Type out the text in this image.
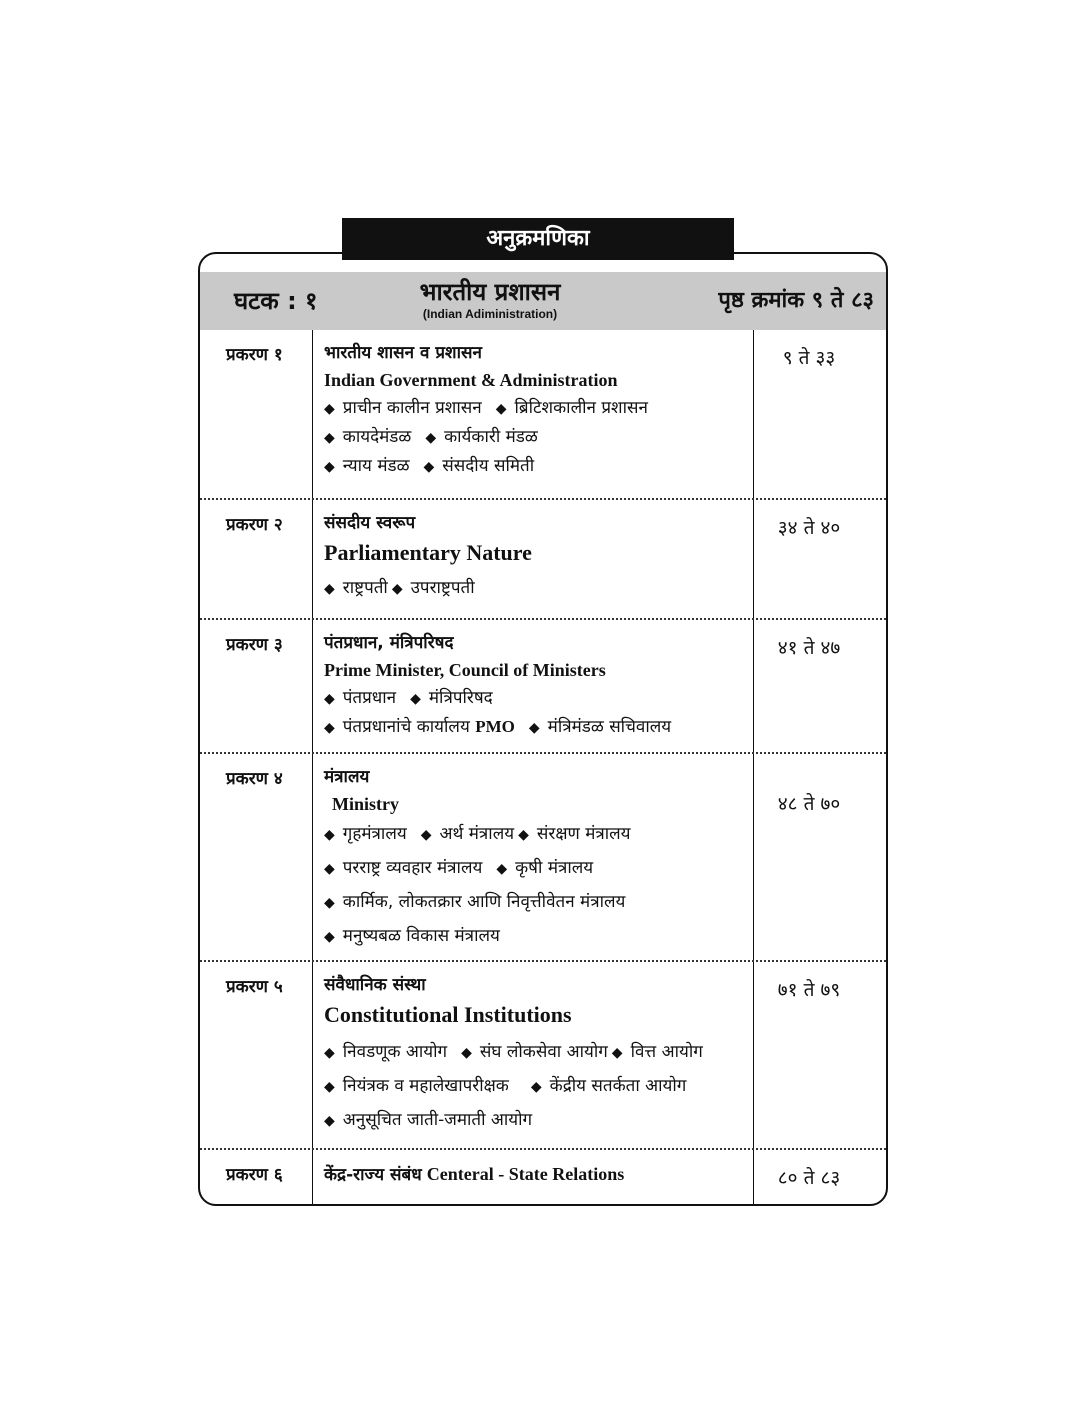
अनुक्रमणिका
घटक : १	भारतीय प्रशासन
(Indian Adiministration)
पृष्ठ क्रमांक ९ ते ८३
प्रकरण १ भारतीय शासन व प्रशासन
Indian Government & Administration
◆ प्राचीन कालीन प्रशासन ◆ ब्रिटिशकालीन प्रशासन
◆ कायदेमंडळ ◆ कार्यकारी मंडळ
◆ न्याय मंडळ ◆ संसदीय समिती
९ ते ३३
प्रकरण २ संसदीय स्वरूप
Parliamentary Nature
◆ राष्ट्रपती ◆ उपराष्ट्रपती
३४ ते ४०
प्रकरण ३ पंतप्रधान, मंत्रिपरिषद
Prime Minister, Council of Ministers
◆ पंतप्रधान ◆ मंत्रिपरिषद
◆ पंतप्रधानांचे कार्यालय PMO ◆ मंत्रिमंडळ सचिवालय
४१ ते ४७
प्रकरण ४ मंत्रालय
Ministry
◆ गृहमंत्रालय ◆ अर्थ मंत्रालय ◆ संरक्षण मंत्रालय
◆ परराष्ट्र व्यवहार मंत्रालय ◆ कृषी मंत्रालय
◆ कार्मिक, लोकतक्रार आणि निवृत्तीवेतन मंत्रालय
◆ मनुष्यबळ विकास मंत्रालय
४८ ते ७०
प्रकरण ५ संवैधानिक संस्था
Constitutional Institutions
◆ निवडणूक आयोग ◆ संघ लोकसेवा आयोग ◆ वित्त आयोग
◆ नियंत्रक व महालेखापरीक्षक ◆ केंद्रीय सतर्कता आयोग
◆ अनुसूचित जाती-जमाती आयोग
७१ ते ७९
प्रकरण ६ केंद्र-राज्य संबंध Centeral - State Relations	८० ते ८३
